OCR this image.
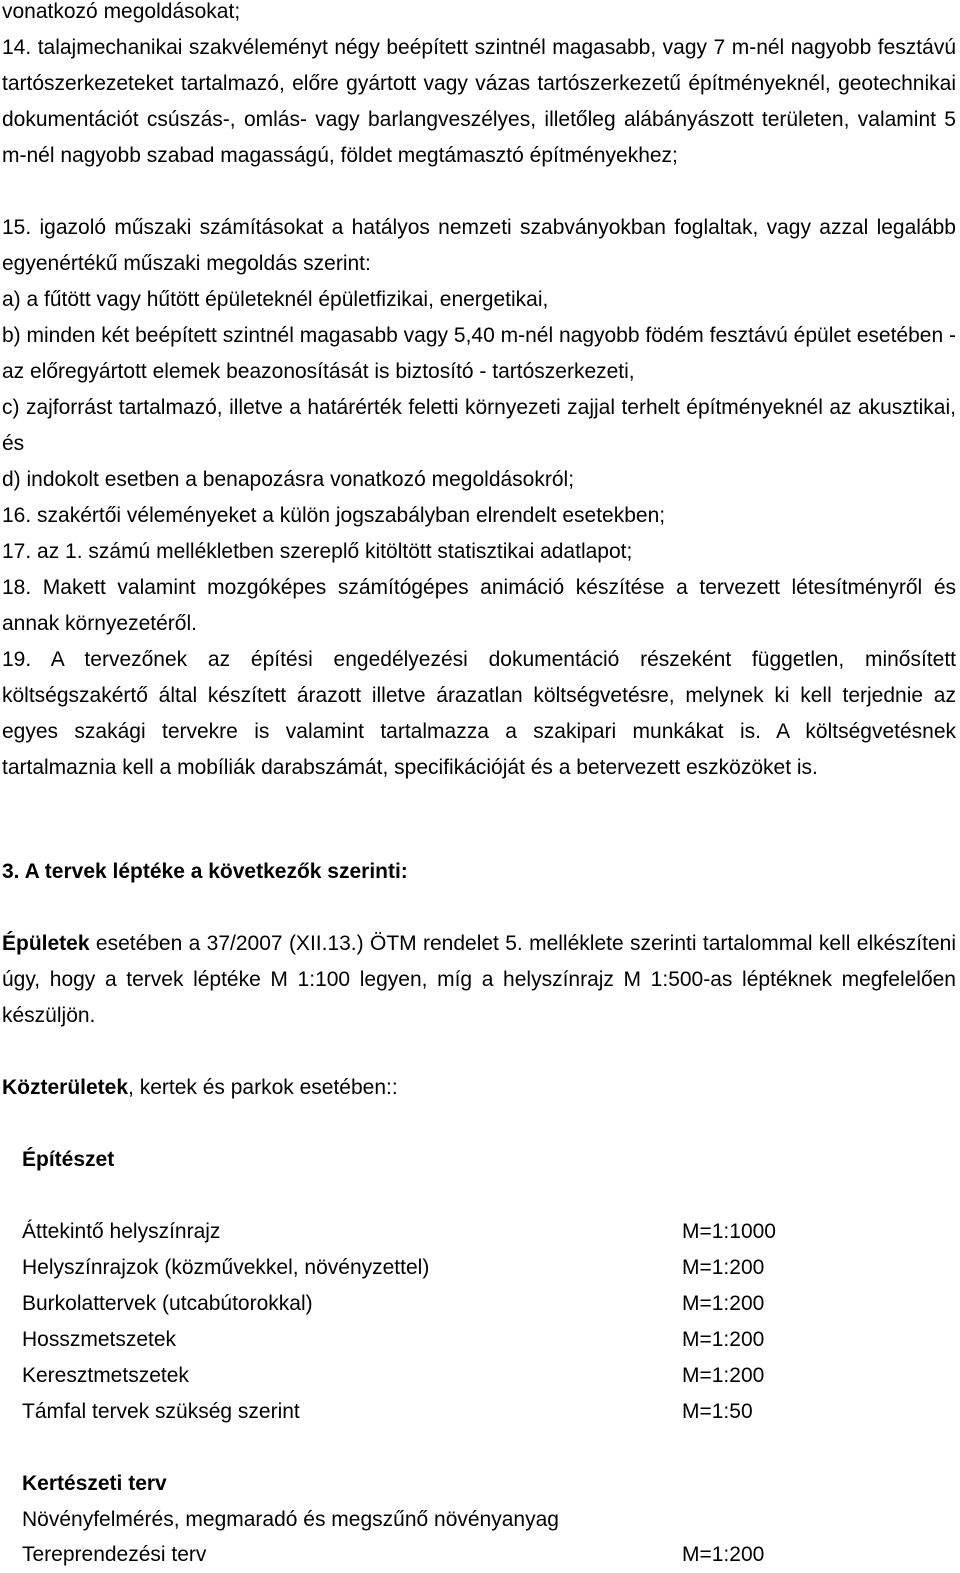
vonatkozó megoldásokat;
14. talajmechanikai szakvéleményt négy beépített szintnél magasabb, vagy 7 m-nél nagyobb fesztávú tartószerkezeteket tartalmazó, előre gyártott vagy vázas tartószerkezetű építményeknél, geotechnikai dokumentációt csúszás-, omlás- vagy barlangveszélyes, illetőleg alábányászott területen, valamint 5 m-nél nagyobb szabad magasságú, földet megtámasztó építményekhez;
15. igazoló műszaki számításokat a hatályos nemzeti szabványokban foglaltak, vagy azzal legalább egyenértékű műszaki megoldás szerint:
a) a fűtött vagy hűtött épületeknél épületfizikai, energetikai,
b) minden két beépített szintnél magasabb vagy 5,40 m-nél nagyobb födém fesztávú épület esetében - az előregyártott elemek beazonosítását is biztosító - tartószerkezeti,
c) zajforrást tartalmazó, illetve a határérték feletti környezeti zajjal terhelt építményeknél az akusztikai, és
d) indokolt esetben a benapozásra vonatkozó megoldásokról;
16. szakértői véleményeket a külön jogszabályban elrendelt esetekben;
17. az 1. számú mellékletben szereplő kitöltött statisztikai adatlapot;
18. Makett valamint mozgóképes számítógépes animáció készítése a tervezett létesítményről és annak környezetéről.
19. A tervezőnek az építési engedélyezési dokumentáció részeként független, minősített költségszakértő által készített árazott illetve árazatlan költségvetésre, melynek ki kell terjednie az egyes szakági tervekre is valamint tartalmazza a szakipari munkákat is. A költségvetésnek tartalmaznia kell a mobíliák darabszámát, specifikációját és a betervezett eszközöket is.
3. A tervek léptéke a következők szerinti:
Épületek esetében a 37/2007 (XII.13.) ÖTM rendelet 5. melléklete szerinti tartalommal kell elkészíteni úgy, hogy a tervek léptéke M 1:100 legyen, míg a helyszínrajz M 1:500-as léptéknek megfelelően készüljön.
Közterületek, kertek és parkok esetében::
Építészet
Áttekintő helyszínrajz	M=1:1000
Helyszínrajzok (közművekkel, növényzettel)	M=1:200
Burkolattervek (utcabútorokkal)	M=1:200
Hosszmetszetek	M=1:200
Keresztmetszetek	M=1:200
Támfal tervek szükség szerint	M=1:50
Kertészeti terv
Növényfelmérés, megmaradó és megszűnő növényanyag
Tereprendezési terv	M=1:200
